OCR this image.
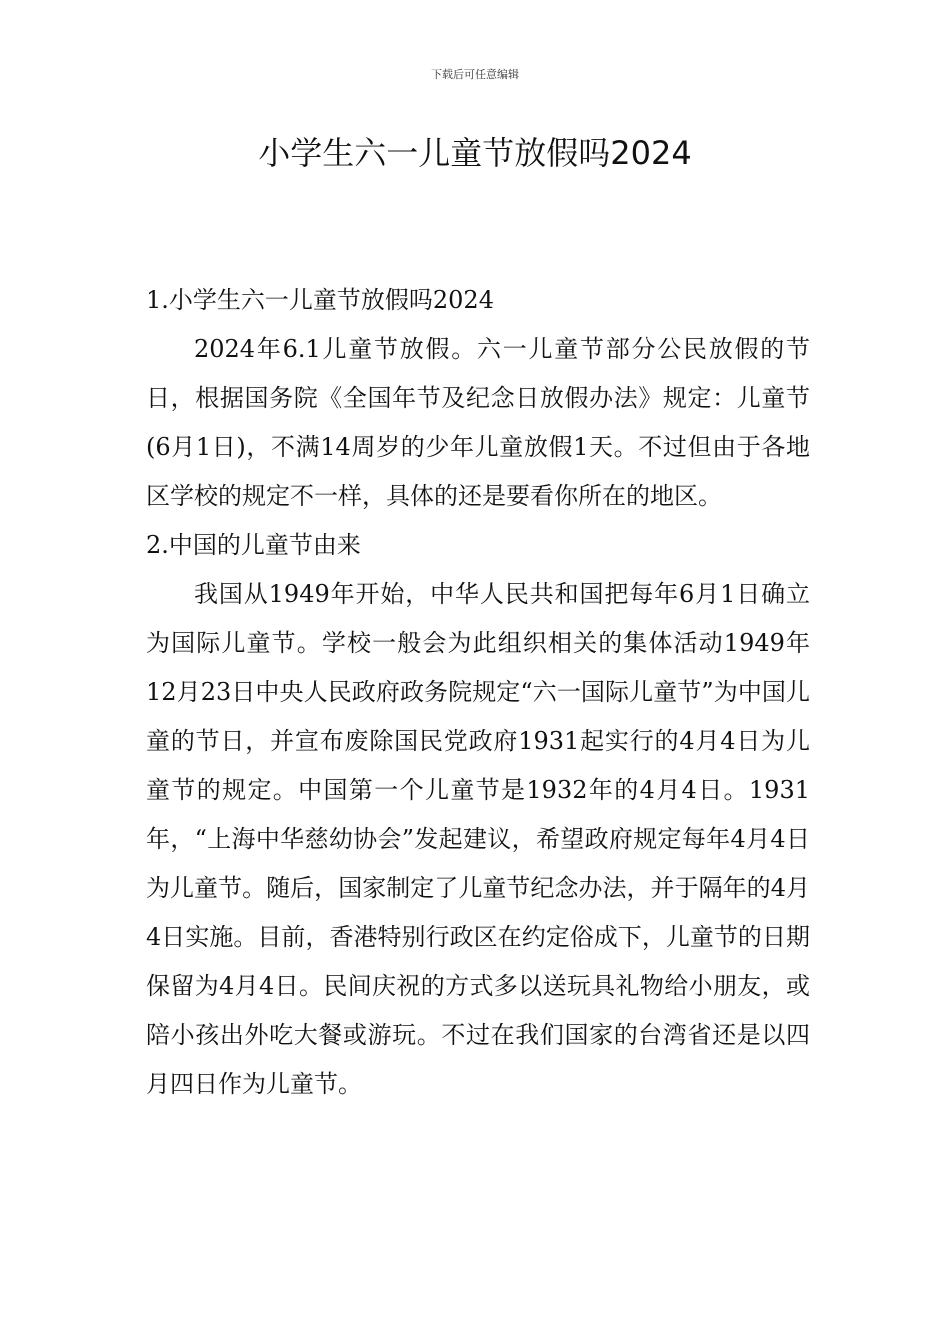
下载后可任意编辑
小学生六一儿童节放假吗2024
1.小学生六一儿童节放假吗2024

2024年6.1儿童节放假。六一儿童节部分公民放假的节日，根据国务院《全国年节及纪念日放假办法》规定：儿童节(6月1日)，不满14周岁的少年儿童放假1天。不过但由于各地区学校的规定不一样，具体的还是要看你所在的地区。

2.中国的儿童节由来

我国从1949年开始，中华人民共和国把每年6月1日确立为国际儿童节。学校一般会为此组织相关的集体活动1949年12月23日中央人民政府政务院规定“六一国际儿童节”为中国儿童的节日，并宣布废除国民党政府1931起实行的4月4日为儿童节的规定。中国第一个儿童节是1932年的4月4日。1931年，“上海中华慈幼协会”发起建议，希望政府规定每年4月4日为儿童节。随后，国家制定了儿童节纪念办法，并于隔年的4月4日实施。目前，香港特别行政区在约定俗成下，儿童节的日期保留为4月4日。民间庆祝的方式多以送玩具礼物给小朋友，或陪小孩出外吃大餐或游玩。不过在我们国家的台湾省还是以四月四日作为儿童节。
